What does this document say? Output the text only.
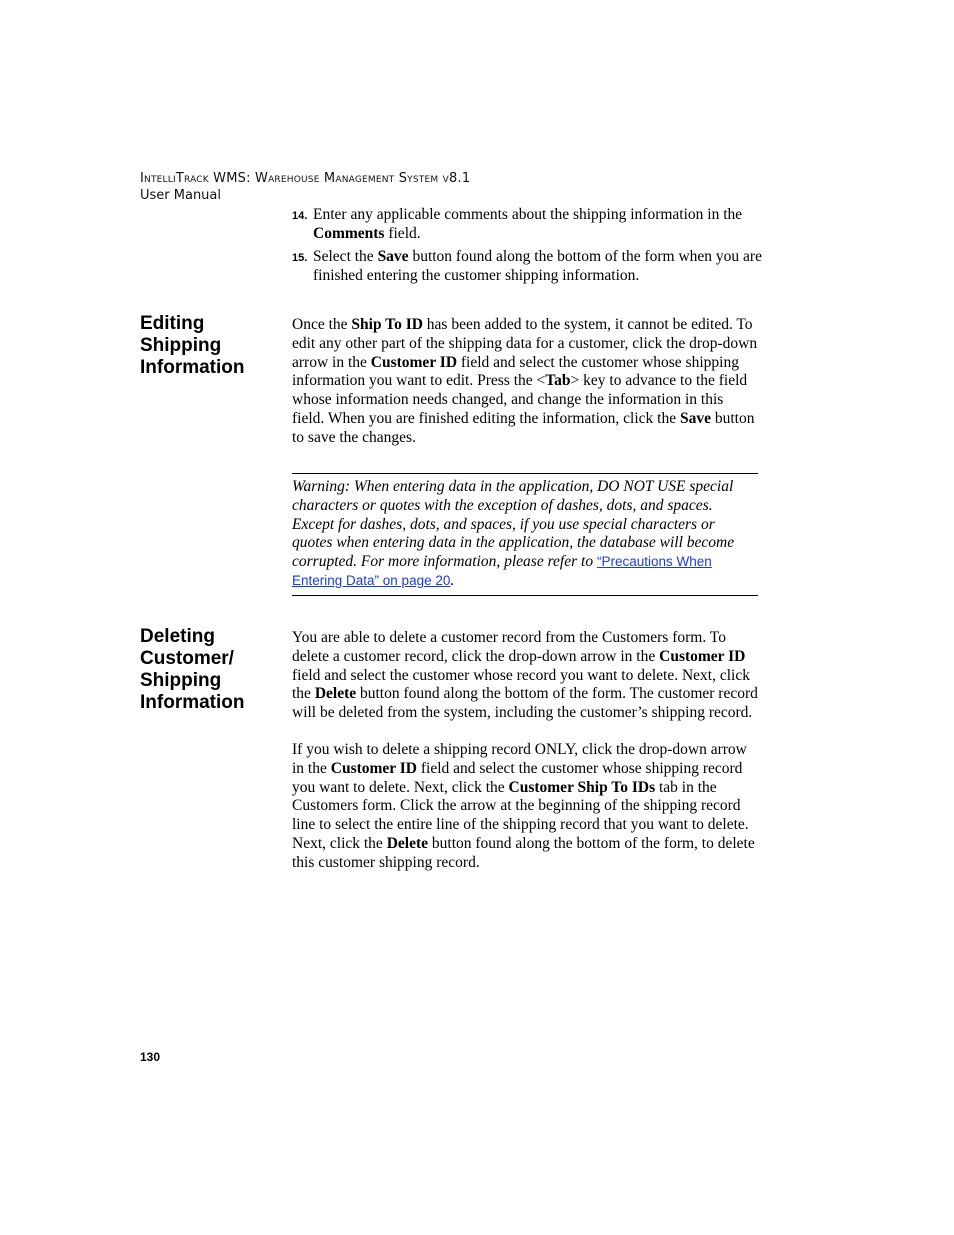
IntelliTrack WMS: Warehouse Management System v8.1
User Manual
14. Enter any applicable comments about the shipping information in the Comments field.
15. Select the Save button found along the bottom of the form when you are finished entering the customer shipping information.
Editing Shipping Information

Once the Ship To ID has been added to the system, it cannot be edited. To edit any other part of the shipping data for a customer, click the drop-down arrow in the Customer ID field and select the customer whose shipping information you want to edit. Press the <Tab> key to advance to the field whose information needs changed, and change the information in this field. When you are finished editing the information, click the Save button to save the changes.

Warning: When entering data in the application, DO NOT USE special characters or quotes with the exception of dashes, dots, and spaces. Except for dashes, dots, and spaces, if you use special characters or quotes when entering data in the application, the database will become corrupted. For more information, please refer to “Precautions When Entering Data” on page 20.
Deleting Customer/ Shipping Information

You are able to delete a customer record from the Customers form. To delete a customer record, click the drop-down arrow in the Customer ID field and select the customer whose record you want to delete. Next, click the Delete button found along the bottom of the form. The customer record will be deleted from the system, including the customer’s shipping record.

If you wish to delete a shipping record ONLY, click the drop-down arrow in the Customer ID field and select the customer whose shipping record you want to delete. Next, click the Customer Ship To IDs tab in the Customers form. Click the arrow at the beginning of the shipping record line to select the entire line of the shipping record that you want to delete. Next, click the Delete button found along the bottom of the form, to delete this customer shipping record.

130
